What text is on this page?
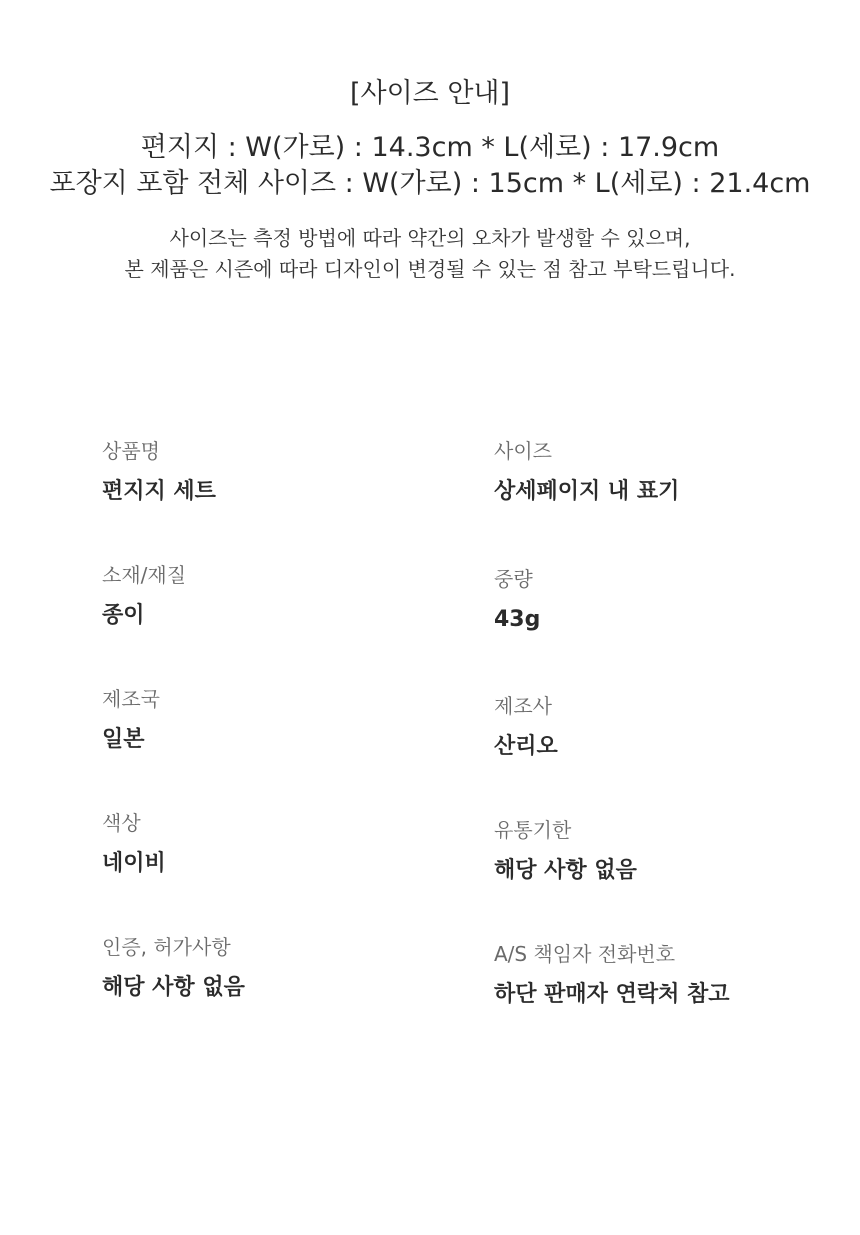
[사이즈 안내]
편지지 : W(가로) : 14.3cm * L(세로) : 17.9cm
포장지 포함 전체 사이즈 : W(가로) : 15cm * L(세로) : 21.4cm
사이즈는 측정 방법에 따라 약간의 오차가 발생할 수 있으며,
본 제품은 시즌에 따라 디자인이 변경될 수 있는 점 참고 부탁드립니다.
상품명
편지지 세트
사이즈
상세페이지 내 표기
소재/재질
종이
중량
43g
제조국
일본
제조사
산리오
색상
네이비
유통기한
해당 사항 없음
인증, 허가사항
해당 사항 없음
A/S 책임자 전화번호
하단 판매자 연락처 참고
